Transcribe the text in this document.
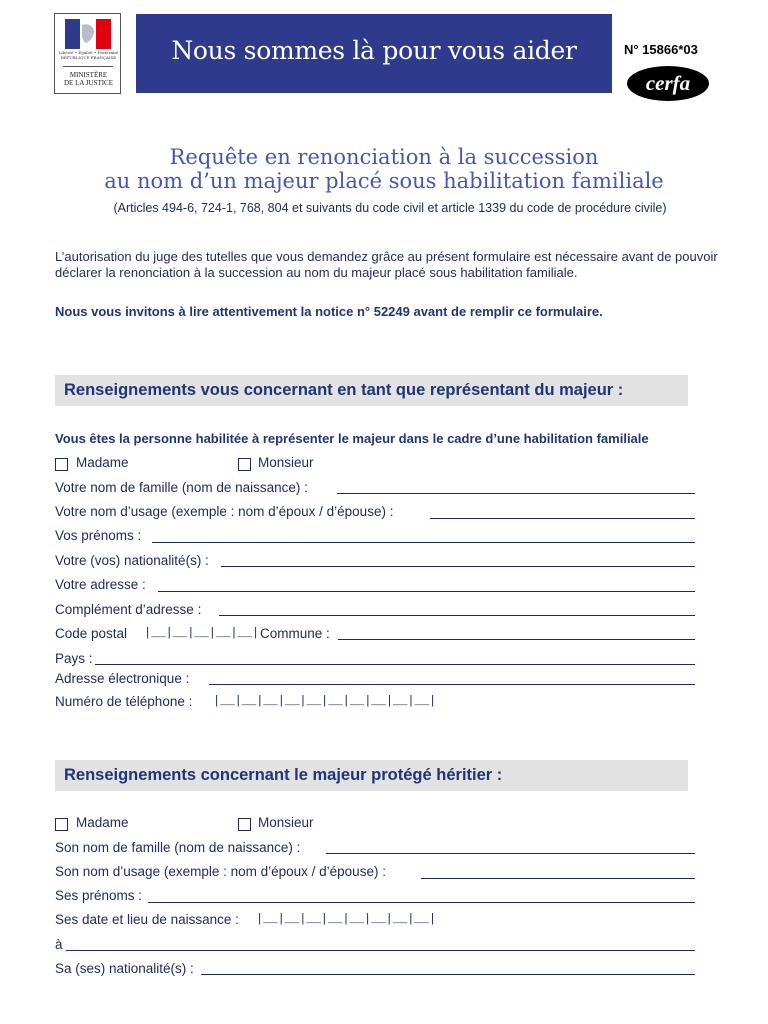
Liberté • Égalité • Fraternité RÉPUBLIQUE FRANÇAISE
MINISTÈRE
DE LA JUSTICE
Nous sommes là pour vous aider	N° 15866*03
cerfa
Requête en renonciation à la succession
au nom d’un majeur placé sous habilitation familiale
(Articles 494-6, 724-1, 768, 804 et suivants du code civil et article 1339 du code de procédure civile)
L’autorisation du juge des tutelles que vous demandez grâce au présent formulaire est nécessaire avant de pouvoir déclarer la renonciation à la succession au nom du majeur placé sous habilitation familiale.
Nous vous invitons à lire attentivement la notice n° 52249 avant de remplir ce formulaire.
Renseignements vous concernant en tant que représentant du majeur :
Vous êtes la personne habilitée à représenter le majeur dans le cadre d’une habilitation familiale
Madame	Monsieur
Votre nom de famille (nom de naissance) :
Votre nom d’usage (exemple : nom d’époux / d’épouse) :
Vos prénoms :
Votre (vos) nationalité(s) :
Votre adresse :
Complément d’adresse :
Code postal |__|__|__|__|__| Commune :
Pays :
Adresse électronique :
Numéro de téléphone : |__|__|__|__|__|__|__|__|__|__|
Renseignements concernant le majeur protégé héritier :
Madame	Monsieur
Son nom de famille (nom de naissance) :
Son nom d’usage (exemple : nom d’époux / d’épouse) :
Ses prénoms :
Ses date et lieu de naissance : |__|__|__|__|__|__|__|__|
à
Sa (ses) nationalité(s) :
